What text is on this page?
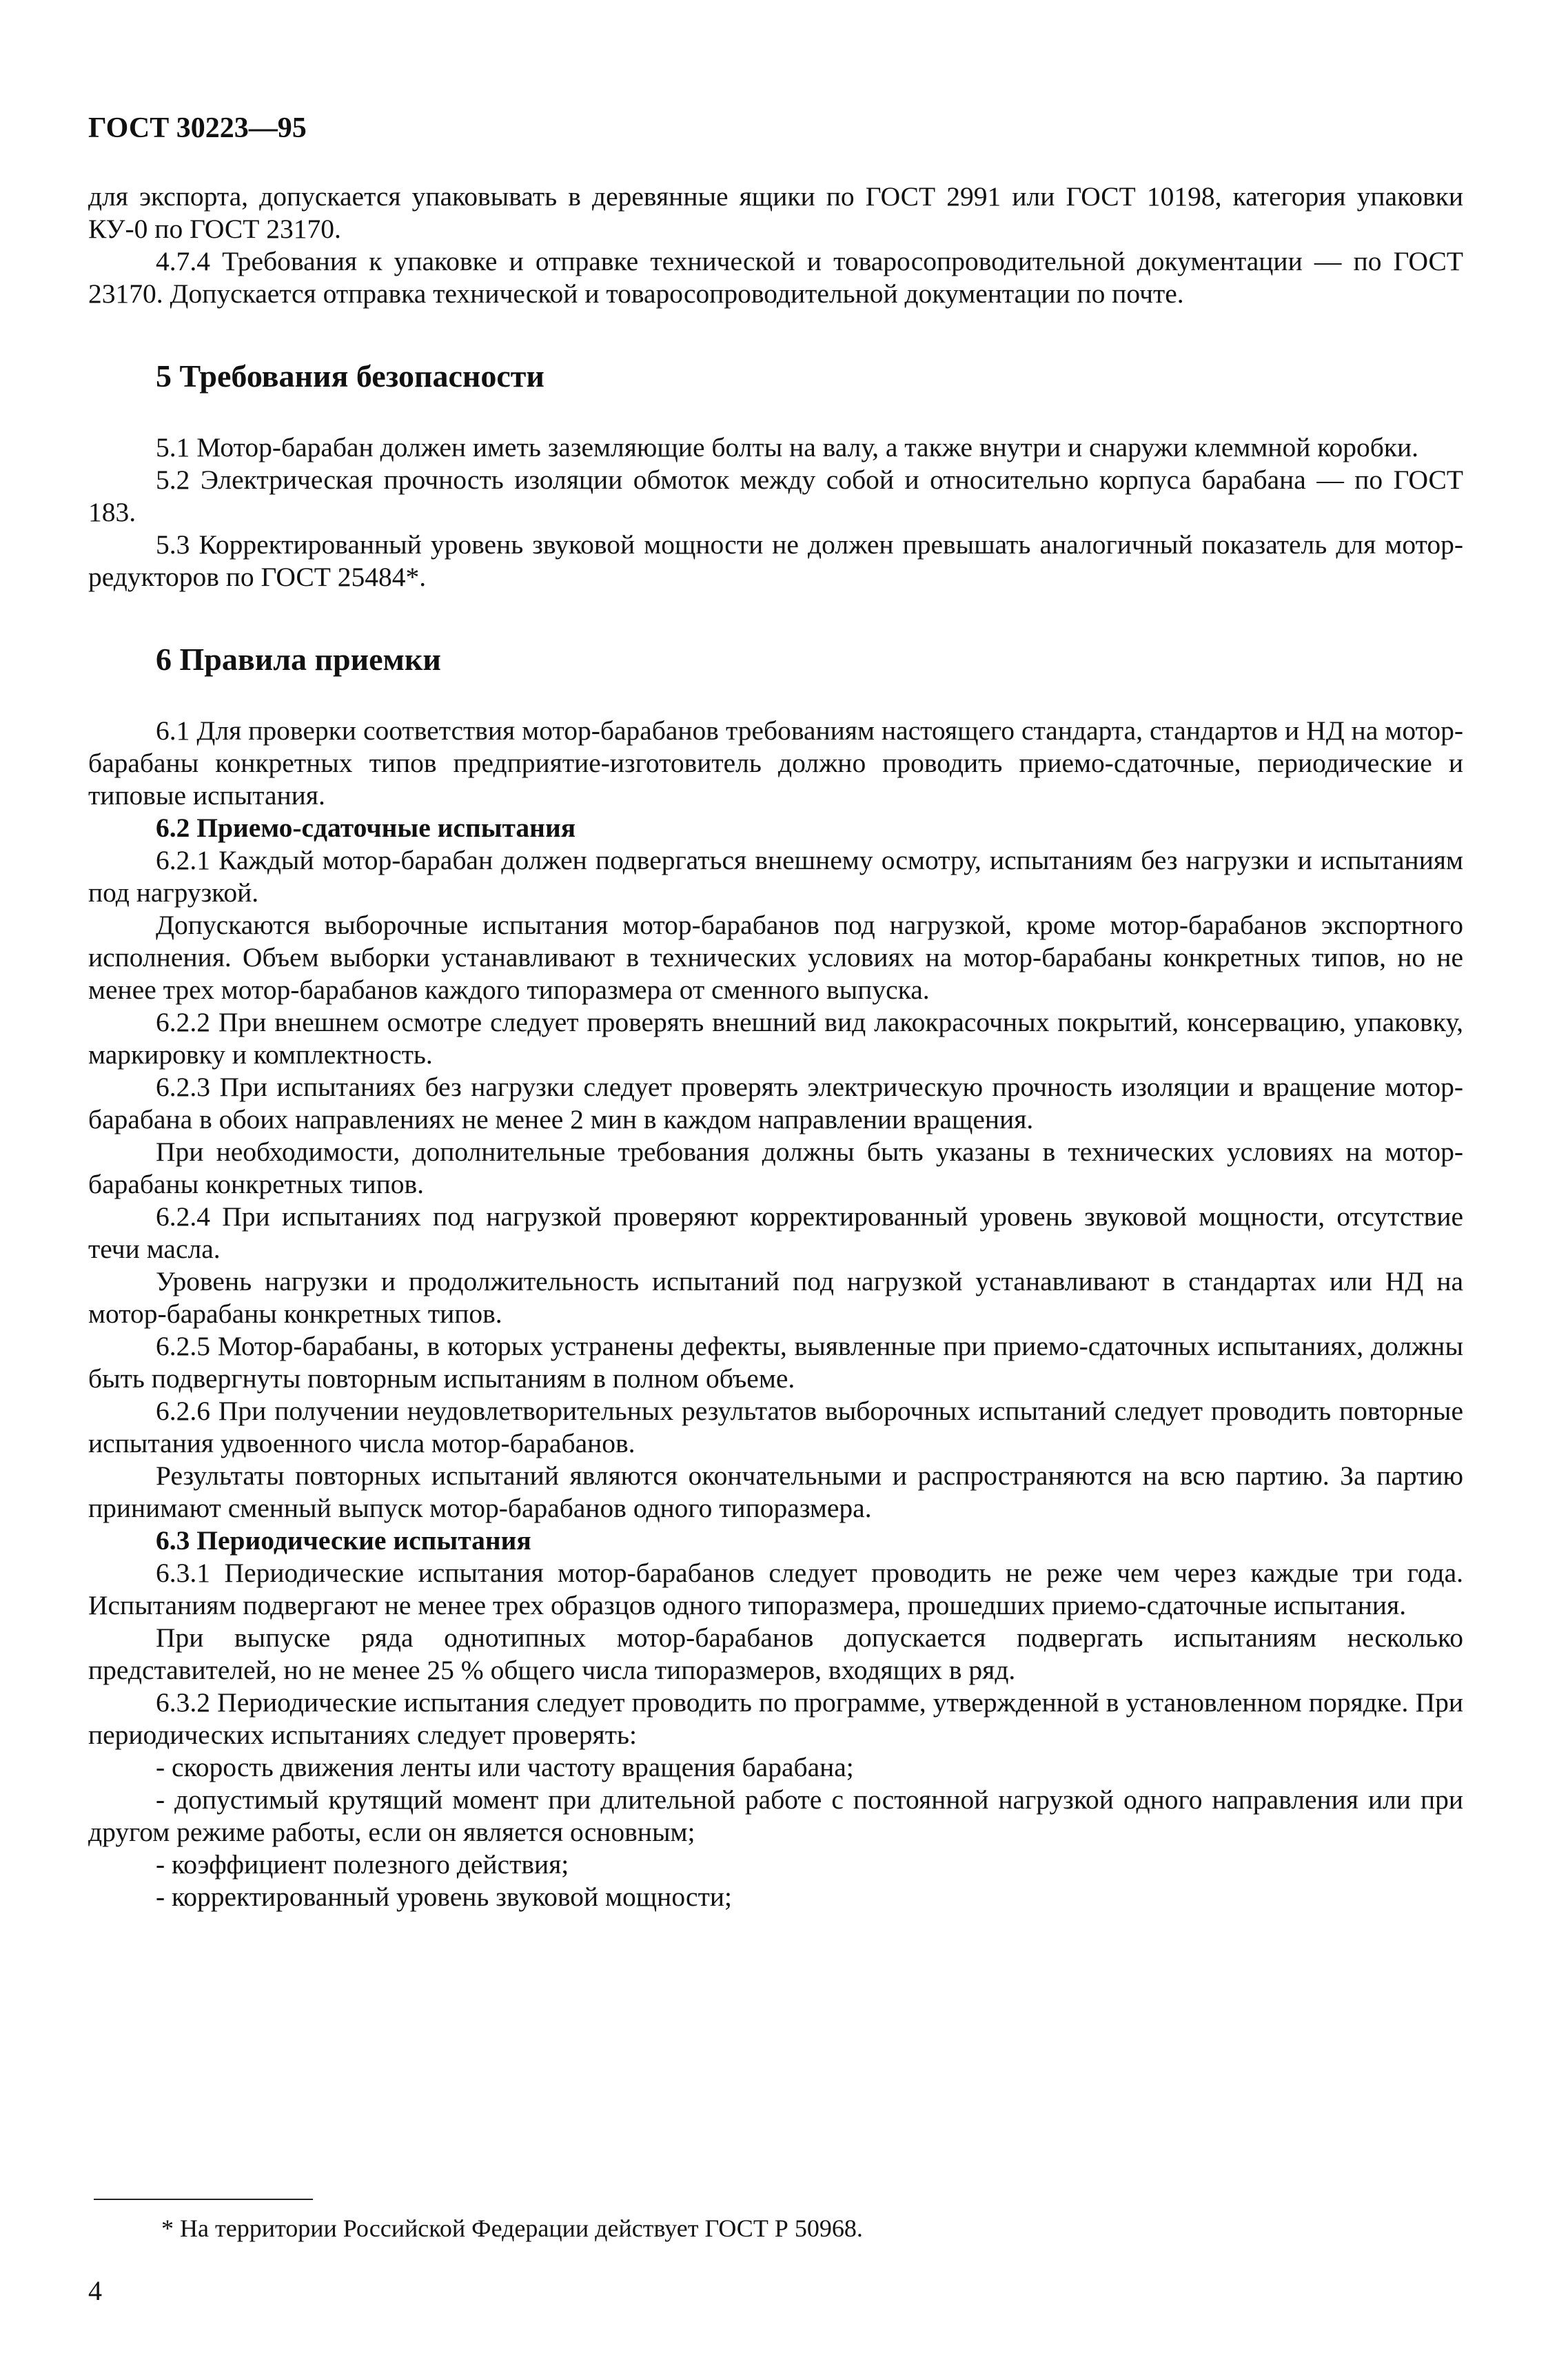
ГОСТ 30223—95

для экспорта, допускается упаковывать в деревянные ящики по ГОСТ 2991 или ГОСТ 10198, категория упаковки КУ-0 по ГОСТ 23170.

4.7.4 Требования к упаковке и отправке технической и товаросопроводительной документации — по ГОСТ 23170. Допускается отправка технической и товаросопроводительной документации по почте.

5 Требования безопасности

5.1 Мотор-барабан должен иметь заземляющие болты на валу, а также внутри и снаружи клеммной коробки.

5.2 Электрическая прочность изоляции обмоток между собой и относительно корпуса барабана — по ГОСТ 183.

5.3 Корректированный уровень звуковой мощности не должен превышать аналогичный показатель для мотор-редукторов по ГОСТ 25484*.

6 Правила приемки

6.1 Для проверки соответствия мотор-барабанов требованиям настоящего стандарта, стандартов и НД на мотор-барабаны конкретных типов предприятие-изготовитель должно проводить приемо-сдаточные, периодические и типовые испытания.

6.2 Приемо-сдаточные испытания

6.2.1 Каждый мотор-барабан должен подвергаться внешнему осмотру, испытаниям без нагрузки и испытаниям под нагрузкой.

Допускаются выборочные испытания мотор-барабанов под нагрузкой, кроме мотор-барабанов экспортного исполнения. Объем выборки устанавливают в технических условиях на мотор-барабаны конкретных типов, но не менее трех мотор-барабанов каждого типоразмера от сменного выпуска.

6.2.2 При внешнем осмотре следует проверять внешний вид лакокрасочных покрытий, консервацию, упаковку, маркировку и комплектность.

6.2.3 При испытаниях без нагрузки следует проверять электрическую прочность изоляции и вращение мотор-барабана в обоих направлениях не менее 2 мин в каждом направлении вращения.

При необходимости, дополнительные требования должны быть указаны в технических условиях на мотор-барабаны конкретных типов.

6.2.4 При испытаниях под нагрузкой проверяют корректированный уровень звуковой мощности, отсутствие течи масла.

Уровень нагрузки и продолжительность испытаний под нагрузкой устанавливают в стандартах или НД на мотор-барабаны конкретных типов.

6.2.5 Мотор-барабаны, в которых устранены дефекты, выявленные при приемо-сдаточных испытаниях, должны быть подвергнуты повторным испытаниям в полном объеме.

6.2.6 При получении неудовлетворительных результатов выборочных испытаний следует проводить повторные испытания удвоенного числа мотор-барабанов.

Результаты повторных испытаний являются окончательными и распространяются на всю партию. За партию принимают сменный выпуск мотор-барабанов одного типоразмера.

6.3 Периодические испытания

6.3.1 Периодические испытания мотор-барабанов следует проводить не реже чем через каждые три года. Испытаниям подвергают не менее трех образцов одного типоразмера, прошедших приемо-сдаточные испытания.

При выпуске ряда однотипных мотор-барабанов допускается подвергать испытаниям несколько представителей, но не менее 25 % общего числа типоразмеров, входящих в ряд.

6.3.2 Периодические испытания следует проводить по программе, утвержденной в установленном порядке. При периодических испытаниях следует проверять:

- скорость движения ленты или частоту вращения барабана;

- допустимый крутящий момент при длительной работе с постоянной нагрузкой одного направления или при другом режиме работы, если он является основным;

- коэффициент полезного действия;

- корректированный уровень звуковой мощности;

* На территории Российской Федерации действует ГОСТ Р 50968.
4
